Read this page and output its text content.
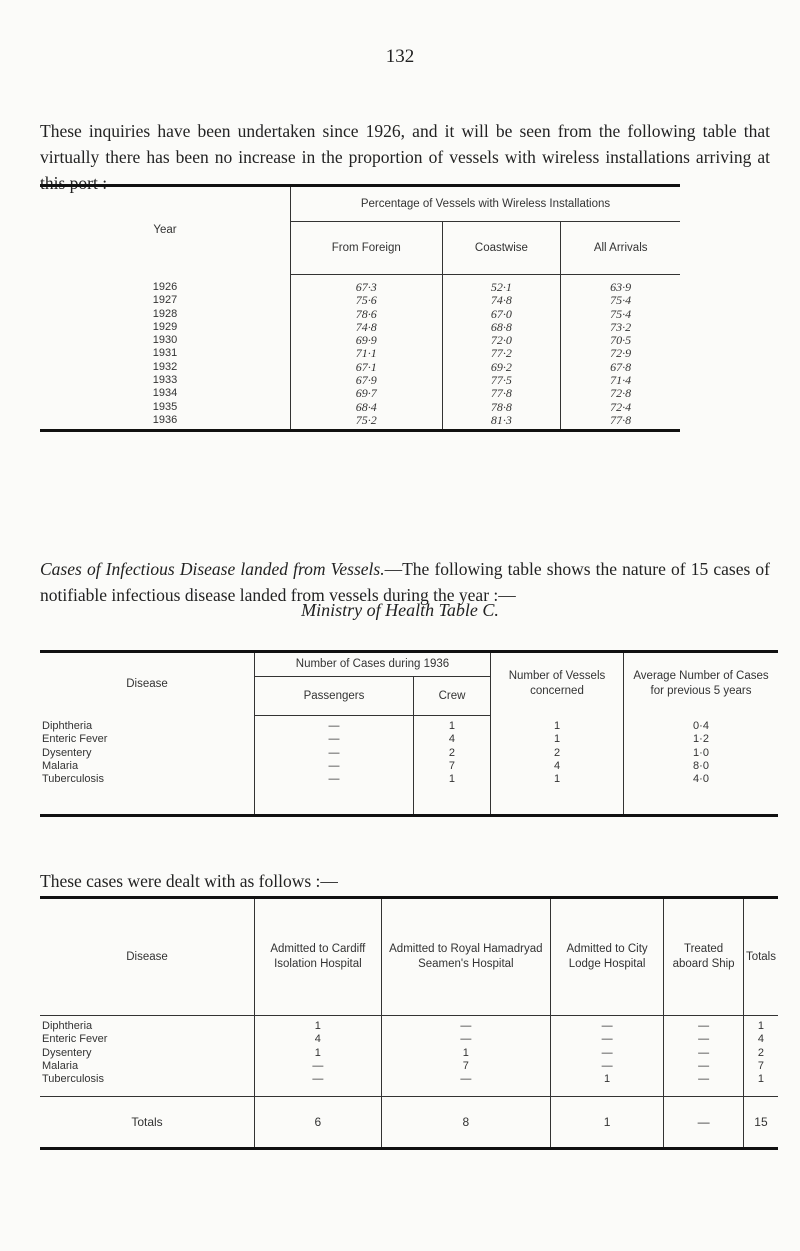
132

These inquiries have been undertaken since 1926, and it will be seen from the following table that virtually there has been no increase in the proportion of vessels with wireless installations arriving at this port :—

Year	Percentage of Vessels with Wireless Installations		
	From Foreign	Coastwise	All Arrivals
1926	67·3	52·1	63·9
1927	75·6	74·8	75·4
1928	78·6	67·0	75·4
1929	74·8	68·8	73·2
1930	69·9	72·0	70·5
1931	71·1	77·2	72·9
1932	67·1	69·2	67·8
1933	67·9	77·5	71·4
1934	69·7	77·8	72·8
1935	68·4	78·8	72·4
1936	75·2	81·3	77·8

Cases of Infectious Disease landed from Vessels.—The following table shows the nature of 15 cases of notifiable infectious disease landed from vessels during the year :—

Ministry of Health Table C.
Disease	Number of Cases during 1936		Number of Vessels concerned	Average Number of Cases for previous 5 years
	Passengers	Crew		
Diphtheria	—	1	1	0·4
Enteric Fever	—	4	1	1·2
Dysentery	—	2	2	1·0
Malaria	—	7	4	8·0
Tuberculosis	—	1	1	4·0

These cases were dealt with as follows :—

Disease	Admitted to Cardiff Isolation Hospital	Admitted to Royal Hamadryad Seamen's Hospital	Admitted to City Lodge Hospital	Treated aboard Ship	Totals
Diphtheria	1	—	—	—	1
Enteric Fever	4	—	—	—	4
Dysentery	1	1	—	—	2
Malaria	—	7	—	—	7
Tuberculosis	—	—	1	—	1
Totals	6	8	1	—	15
